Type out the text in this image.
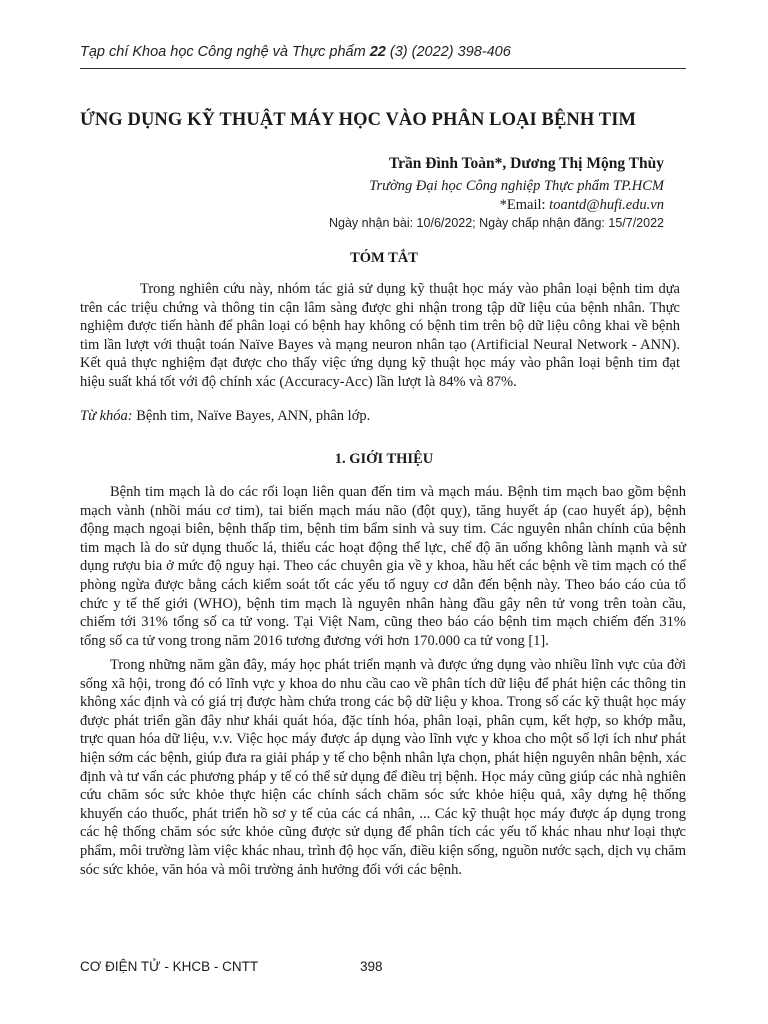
Tạp chí Khoa học Công nghệ và Thực phẩm 22 (3) (2022) 398-406
ỨNG DỤNG KỸ THUẬT MÁY HỌC VÀO PHÂN LOẠI BỆNH TIM
Trần Đình Toàn*, Dương Thị Mộng Thùy
Trường Đại học Công nghiệp Thực phẩm TP.HCM
*Email: toantd@hufi.edu.vn
Ngày nhận bài: 10/6/2022; Ngày chấp nhận đăng: 15/7/2022
TÓM TẮT

Trong nghiên cứu này, nhóm tác giả sử dụng kỹ thuật học máy vào phân loại bệnh tim dựa trên các triệu chứng và thông tin cận lâm sàng được ghi nhận trong tập dữ liệu của bệnh nhân. Thực nghiệm được tiến hành để phân loại có bệnh hay không có bệnh tim trên bộ dữ liệu công khai về bệnh tim lần lượt với thuật toán Naïve Bayes và mạng neuron nhân tạo (Artificial Neural Network - ANN). Kết quả thực nghiệm đạt được cho thấy việc ứng dụng kỹ thuật học máy vào phân loại bệnh tim đạt hiệu suất khá tốt với độ chính xác (Accuracy-Acc) lần lượt là 84% và 87%.

Từ khóa: Bệnh tim, Naïve Bayes, ANN, phân lớp.
1. GIỚI THIỆU

Bệnh tim mạch là do các rối loạn liên quan đến tim và mạch máu. Bệnh tim mạch bao gồm bệnh mạch vành (nhồi máu cơ tim), tai biến mạch máu não (đột quỵ), tăng huyết áp (cao huyết áp), bệnh động mạch ngoại biên, bệnh thấp tim, bệnh tim bẩm sinh và suy tim. Các nguyên nhân chính của bệnh tim mạch là do sử dụng thuốc lá, thiếu các hoạt động thể lực, chế độ ăn uống không lành mạnh và sử dụng rượu bia ở mức độ nguy hại. Theo các chuyên gia về y khoa, hầu hết các bệnh về tim mạch có thể phòng ngừa được bằng cách kiểm soát tốt các yếu tố nguy cơ dẫn đến bệnh này. Theo báo cáo của tổ chức y tế thế giới (WHO), bệnh tim mạch là nguyên nhân hàng đầu gây nên tử vong trên toàn cầu, chiếm tới 31% tổng số ca tử vong. Tại Việt Nam, cũng theo báo cáo bệnh tim mạch chiếm đến 31% tổng số ca tử vong trong năm 2016 tương đương với hơn 170.000 ca tử vong [1].

Trong những năm gần đây, máy học phát triển mạnh và được ứng dụng vào nhiều lĩnh vực của đời sống xã hội, trong đó có lĩnh vực y khoa do nhu cầu cao về phân tích dữ liệu để phát hiện các thông tin không xác định và có giá trị được hàm chứa trong các bộ dữ liệu y khoa. Trong số các kỹ thuật học máy được phát triển gần đây như khái quát hóa, đặc tính hóa, phân loại, phân cụm, kết hợp, so khớp mẫu, trực quan hóa dữ liệu, v.v. Việc học máy được áp dụng vào lĩnh vực y khoa cho một số lợi ích như phát hiện sớm các bệnh, giúp đưa ra giải pháp y tế cho bệnh nhân lựa chọn, phát hiện nguyên nhân bệnh, xác định và tư vấn các phương pháp y tế có thể sử dụng để điều trị bệnh. Học máy cũng giúp các nhà nghiên cứu chăm sóc sức khỏe thực hiện các chính sách chăm sóc sức khỏe hiệu quả, xây dựng hệ thống khuyến cáo thuốc, phát triển hồ sơ y tế của các cá nhân, ... Các kỹ thuật học máy được áp dụng trong các hệ thống chăm sóc sức khỏe cũng được sử dụng để phân tích các yếu tố khác nhau như loại thực phẩm, môi trường làm việc khác nhau, trình độ học vấn, điều kiện sống, nguồn nước sạch, dịch vụ chăm sóc sức khỏe, văn hóa và môi trường ảnh hưởng đối với các bệnh.

CƠ ĐIỆN TỬ - KHCB - CNTT	398
